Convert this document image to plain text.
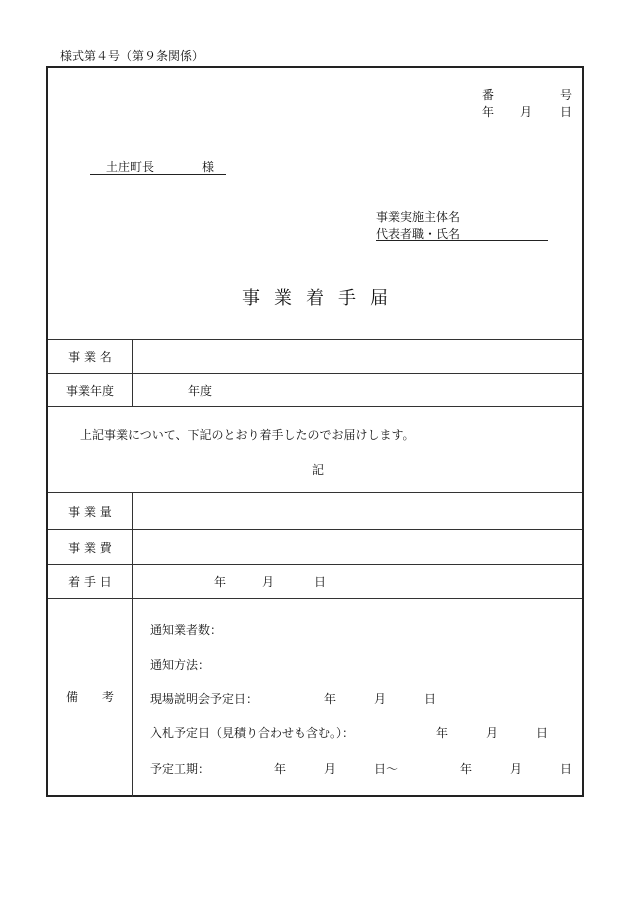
様式第４号（第９条関係）
番	号
年 月 日
土庄町長	様
事業実施主体名
代表者職・氏名
事業着手届
事 業 名
事業年度	年度
上記事業について、下記のとおり着手したのでお届けします。
記
事 業 量
事 業 費
着 手 日	年	月	日
備　　考
通知業者数：
通知方法：
現場説明会予定日：	年	月	日
入札予定日（見積り合わせも含む。）：	年	月	日
予定工期：	年	月	日〜	年	月	日
